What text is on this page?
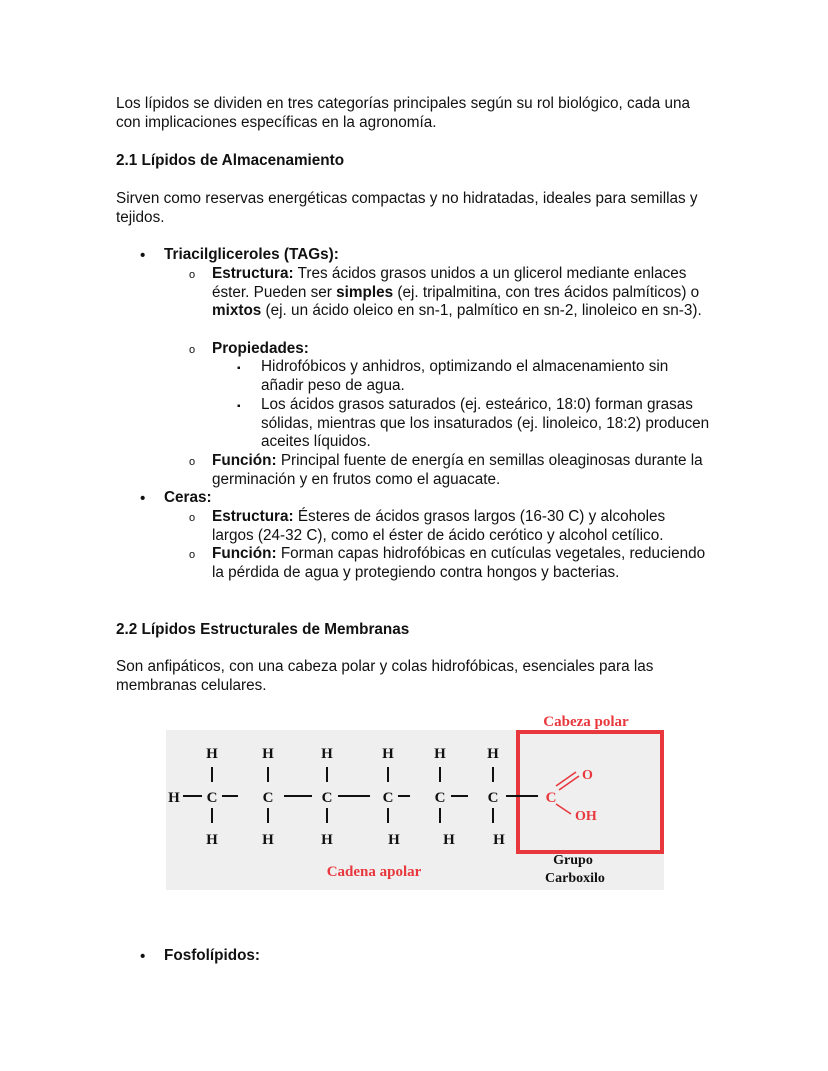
Los lípidos se dividen en tres categorías principales según su rol biológico, cada una con implicaciones específicas en la agronomía.

2.1 Lípidos de Almacenamiento

Sirven como reservas energéticas compactas y no hidratadas, ideales para semillas y tejidos.

• Triacilgliceroles (TAGs):
o Estructura: Tres ácidos grasos unidos a un glicerol mediante enlaces éster. Pueden ser simples (ej. tripalmitina, con tres ácidos palmíticos) o mixtos (ej. un ácido oleico en sn-1, palmítico en sn-2, linoleico en sn-3).
o Propiedades:
▪ Hidrofóbicos y anhidros, optimizando el almacenamiento sin añadir peso de agua.
▪ Los ácidos grasos saturados (ej. esteárico, 18:0) forman grasas sólidas, mientras que los insaturados (ej. linoleico, 18:2) producen aceites líquidos.
o Función: Principal fuente de energía en semillas oleaginosas durante la germinación y en frutos como el aguacate.
• Ceras:
o Estructura: Ésteres de ácidos grasos largos (16-30 C) y alcoholes largos (24-32 C), como el éster de ácido cerótico y alcohol cetílico.
o Función: Forman capas hidrofóbicas en cutículas vegetales, reduciendo la pérdida de agua y protegiendo contra hongos y bacterias.

2.2 Lípidos Estructurales de Membranas

Son anfipáticos, con una cabeza polar y colas hidrofóbicas, esenciales para las membranas celulares.

Cabeza polar
H	H	H	H	H	H
H C	C	C	C	C	C	C
O
OH
H	H	H	H	H	H
Cadena apolar
Grupo
Carboxilo
• Fosfolípidos:
